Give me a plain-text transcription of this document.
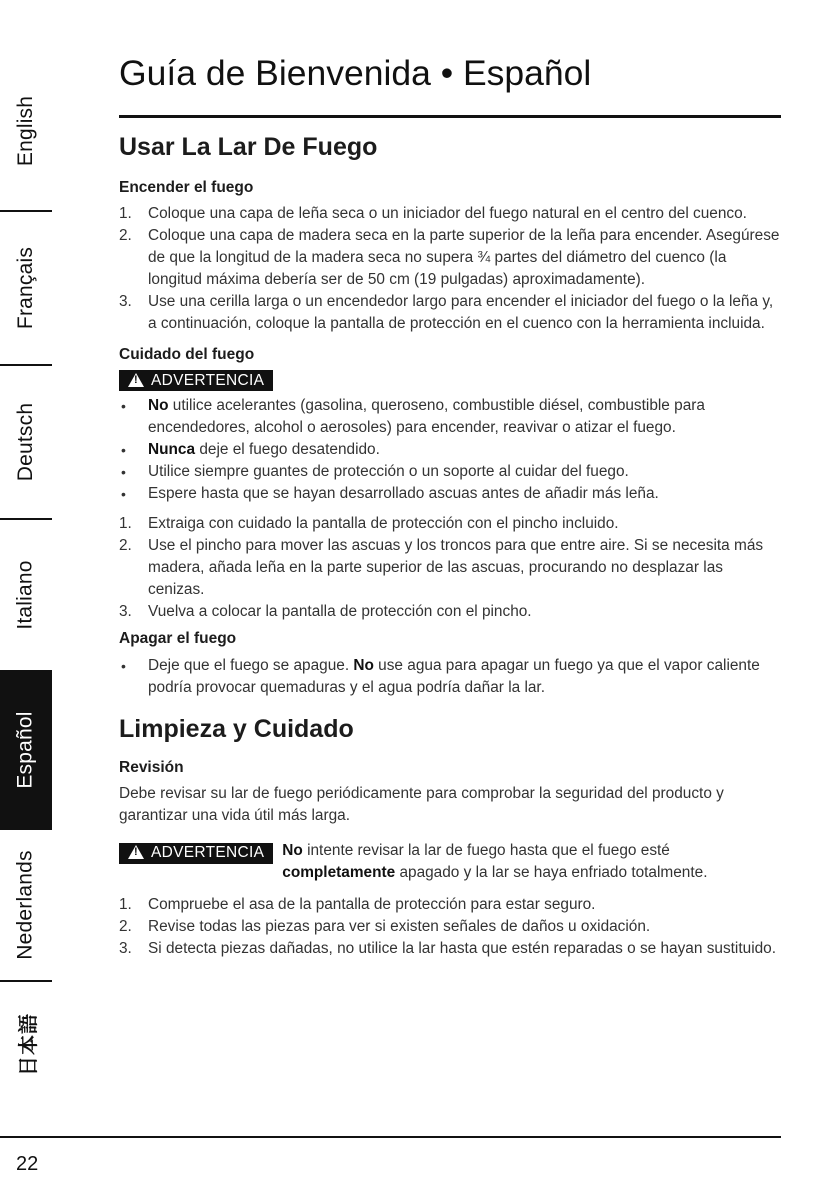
English
Français
Deutsch
Italiano
Español
Nederlands
日本語
Guía de Bienvenida • Español
Usar La Lar De Fuego
Encender el fuego
1. Coloque una capa de leña seca o un iniciador del fuego natural en el centro del cuenco.
2. Coloque una capa de madera seca en la parte superior de la leña para encender. Asegúrese de que la longitud de la madera seca no supera ¾ partes del diámetro del cuenco (la longitud máxima debería ser de 50 cm (19 pulgadas) aproximadamente).
3. Use una cerilla larga o un encendedor largo para encender el iniciador del fuego o la leña y, a continuación, coloque la pantalla de protección en el cuenco con la herramienta incluida.
Cuidado del fuego
!
ADVERTENCIA
• No utilice acelerantes (gasolina, queroseno, combustible diésel, combustible para encendedores, alcohol o aerosoles) para encender, reavivar o atizar el fuego.
• Nunca deje el fuego desatendido.
• Utilice siempre guantes de protección o un soporte al cuidar del fuego.
• Espere hasta que se hayan desarrollado ascuas antes de añadir más leña.
1. Extraiga con cuidado la pantalla de protección con el pincho incluido.
2. Use el pincho para mover las ascuas y los troncos para que entre aire. Si se necesita más madera, añada leña en la parte superior de las ascuas, procurando no desplazar las cenizas.
3. Vuelva a colocar la pantalla de protección con el pincho.
Apagar el fuego
• Deje que el fuego se apague. No use agua para apagar un fuego ya que el vapor caliente podría provocar quemaduras y el agua podría dañar la lar.
Limpieza y Cuidado
Revisión

Debe revisar su lar de fuego periódicamente para comprobar la seguridad del producto y garantizar una vida útil más larga.

!
ADVERTENCIA No intente revisar la lar de fuego hasta que el fuego esté completamente apagado y la lar se haya enfriado totalmente.
1. Compruebe el asa de la pantalla de protección para estar seguro.
2. Revise todas las piezas para ver si existen señales de daños u oxidación.
3. Si detecta piezas dañadas, no utilice la lar hasta que estén reparadas o se hayan sustituido.
22
